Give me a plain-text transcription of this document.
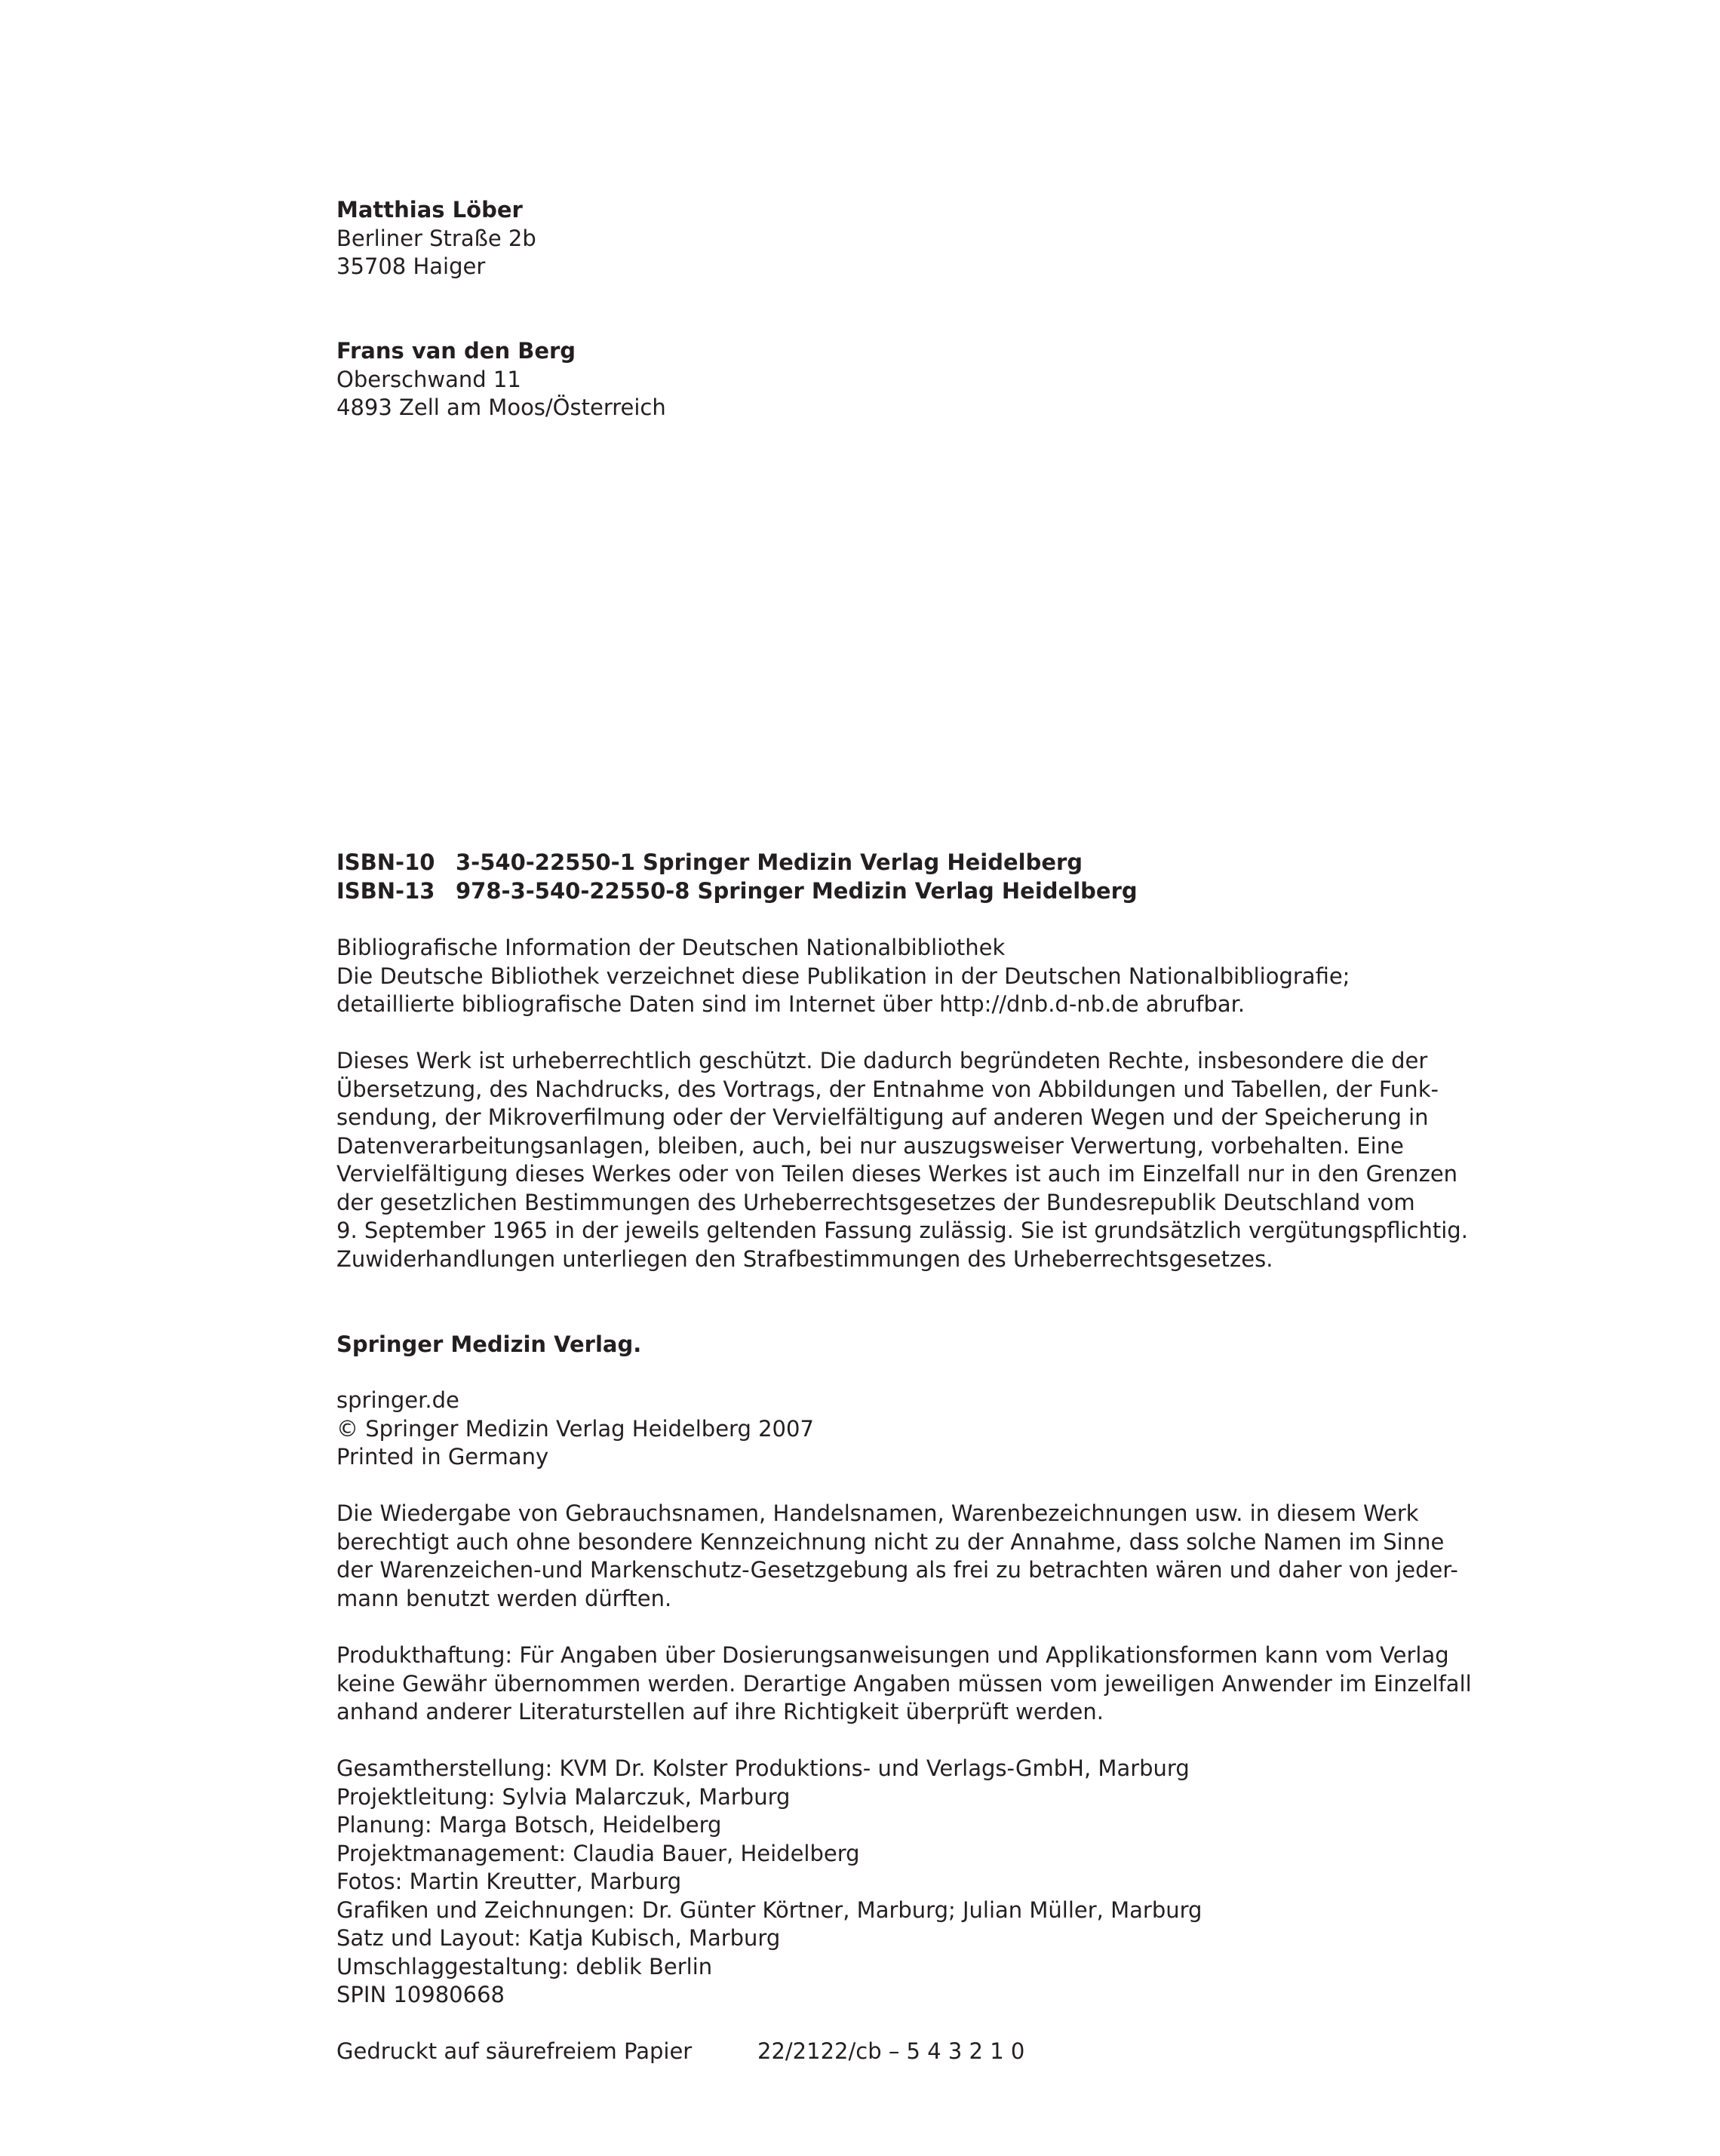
Matthias Löber
Berliner Straße 2b
35708 Haiger
Frans van den Berg
Oberschwand 11
4893 Zell am Moos/Österreich
ISBN-10 3-540-22550-1 Springer Medizin Verlag Heidelberg
ISBN-13 978-3-540-22550-8 Springer Medizin Verlag Heidelberg
Bibliografische Information der Deutschen Nationalbibliothek
Die Deutsche Bibliothek verzeichnet diese Publikation in der Deutschen Nationalbibliografie;
detaillierte bibliografische Daten sind im Internet über http://dnb.d-nb.de abrufbar.
Dieses Werk ist urheberrechtlich geschützt. Die dadurch begründeten Rechte, insbesondere die der
Übersetzung, des Nachdrucks, des Vortrags, der Entnahme von Abbildungen und Tabellen, der Funk-
sendung, der Mikroverfilmung oder der Vervielfältigung auf anderen Wegen und der Speicherung in
Datenverarbeitungsanlagen, bleiben, auch, bei nur auszugsweiser Verwertung, vorbehalten. Eine
Vervielfältigung dieses Werkes oder von Teilen dieses Werkes ist auch im Einzelfall nur in den Grenzen
der gesetzlichen Bestimmungen des Urheberrechtsgesetzes der Bundesrepublik Deutschland vom
9. September 1965 in der jeweils geltenden Fassung zulässig. Sie ist grundsätzlich vergütungspflichtig.
Zuwiderhandlungen unterliegen den Strafbestimmungen des Urheberrechtsgesetzes.
Springer Medizin Verlag.
springer.de
© Springer Medizin Verlag Heidelberg 2007
Printed in Germany
Die Wiedergabe von Gebrauchsnamen, Handelsnamen, Warenbezeichnungen usw. in diesem Werk
berechtigt auch ohne besondere Kennzeichnung nicht zu der Annahme, dass solche Namen im Sinne
der Warenzeichen-und Markenschutz-Gesetzgebung als frei zu betrachten wären und daher von jeder-
mann benutzt werden dürften.
Produkthaftung: Für Angaben über Dosierungsanweisungen und Applikationsformen kann vom Verlag
keine Gewähr übernommen werden. Derartige Angaben müssen vom jeweiligen Anwender im Einzelfall
anhand anderer Literaturstellen auf ihre Richtigkeit überprüft werden.
Gesamtherstellung: KVM Dr. Kolster Produktions- und Verlags-GmbH, Marburg
Projektleitung: Sylvia Malarczuk, Marburg
Planung: Marga Botsch, Heidelberg
Projektmanagement: Claudia Bauer, Heidelberg
Fotos: Martin Kreutter, Marburg
Grafiken und Zeichnungen: Dr. Günter Körtner, Marburg; Julian Müller, Marburg
Satz und Layout: Katja Kubisch, Marburg
Umschlaggestaltung: deblik Berlin
SPIN 10980668
Gedruckt auf säurefreiem Papier	22/2122/cb – 5 4 3 2 1 0
